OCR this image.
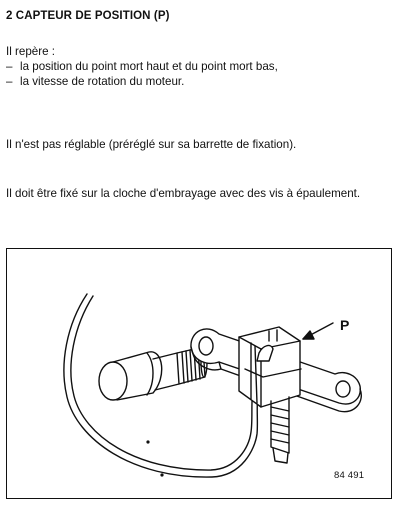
2 CAPTEUR DE POSITION (P)
Il repère :
– la position du point mort haut et du point mort bas,
– la vitesse de rotation du moteur.
Il n'est pas réglable (préréglé sur sa barrette de fixation).
Il doit être fixé sur la cloche d'embrayage avec des vis à épaulement.
P
84 491
